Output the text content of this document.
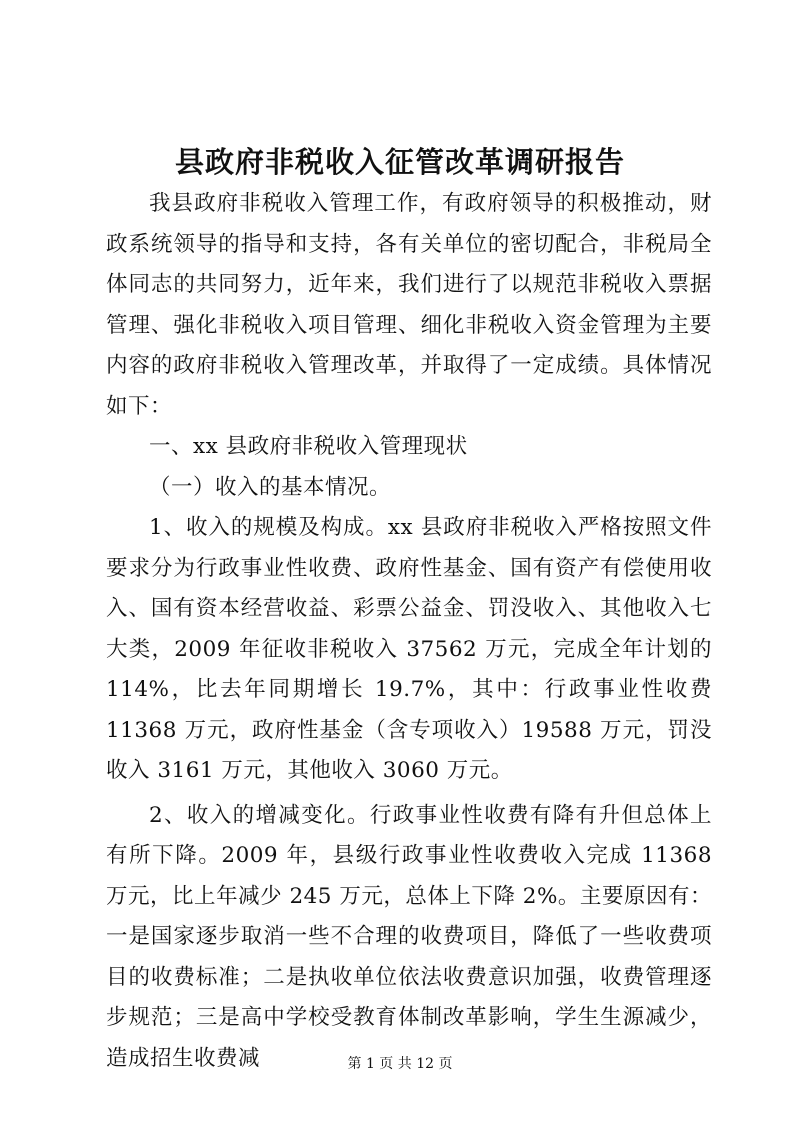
县政府非税收入征管改革调研报告

我县政府非税收入管理工作，有政府领导的积极推动，财政系统领导的指导和支持，各有关单位的密切配合，非税局全体同志的共同努力，近年来，我们进行了以规范非税收入票据管理、强化非税收入项目管理、细化非税收入资金管理为主要内容的政府非税收入管理改革，并取得了一定成绩。具体情况如下：

一、xx 县政府非税收入管理现状

（一）收入的基本情况。

1、收入的规模及构成。xx 县政府非税收入严格按照文件要求分为行政事业性收费、政府性基金、国有资产有偿使用收入、国有资本经营收益、彩票公益金、罚没收入、其他收入七大类，2009 年征收非税收入 37562 万元，完成全年计划的 114%，比去年同期增长 19.7%，其中：行政事业性收费 11368 万元，政府性基金（含专项收入）19588 万元，罚没收入 3161 万元，其他收入 3060 万元。

2、收入的增减变化。行政事业性收费有降有升但总体上有所下降。2009 年，县级行政事业性收费收入完成 11368 万元，比上年减少 245 万元，总体上下降 2%。主要原因有：一是国家逐步取消一些不合理的收费项目，降低了一些收费项目的收费标准；二是执收单位依法收费意识加强，收费管理逐步规范；三是高中学校受教育体制改革影响，学生生源减少，造成招生收费减	第 1 页 共 12 页
